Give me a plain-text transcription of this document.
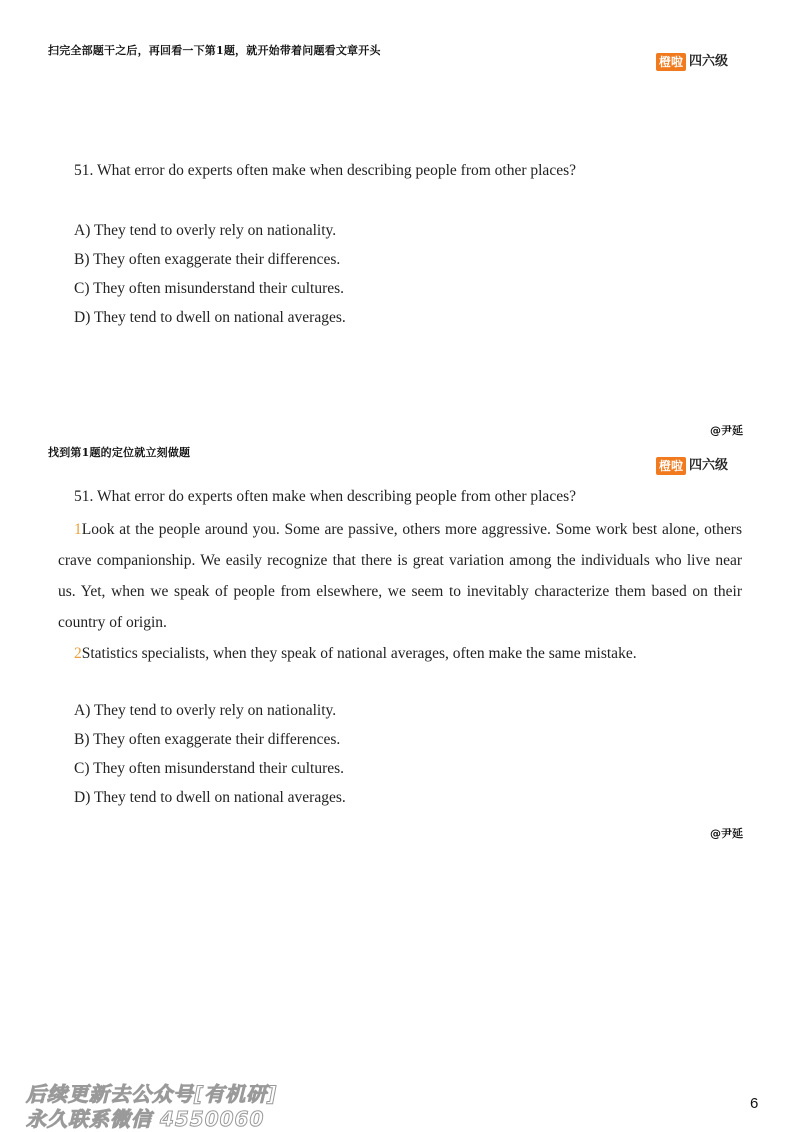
扫完全部题干之后，再回看一下第1题，就开始带着问题看文章开头
橙啦 四六级
51. What error do experts often make when describing people from other places?
A) They tend to overly rely on nationality.
B) They often exaggerate their differences.
C) They often misunderstand their cultures.
D) They tend to dwell on national averages.
@尹延
找到第1题的定位就立刻做题
橙啦 四六级
51. What error do experts often make when describing people from other places?

1Look at the people around you. Some are passive, others more aggressive. Some work best alone, others crave companionship. We easily recognize that there is great variation among the individuals who live near us. Yet, when we speak of people from elsewhere, we seem to inevitably characterize them based on their country of origin.

2Statistics specialists, when they speak of national averages, often make the same mistake.

A) They tend to overly rely on nationality.
B) They often exaggerate their differences.
C) They often misunderstand their cultures.
D) They tend to dwell on national averages.
@尹延
后续更新去公众号[有机研]
永久联系微信 4550060
6
